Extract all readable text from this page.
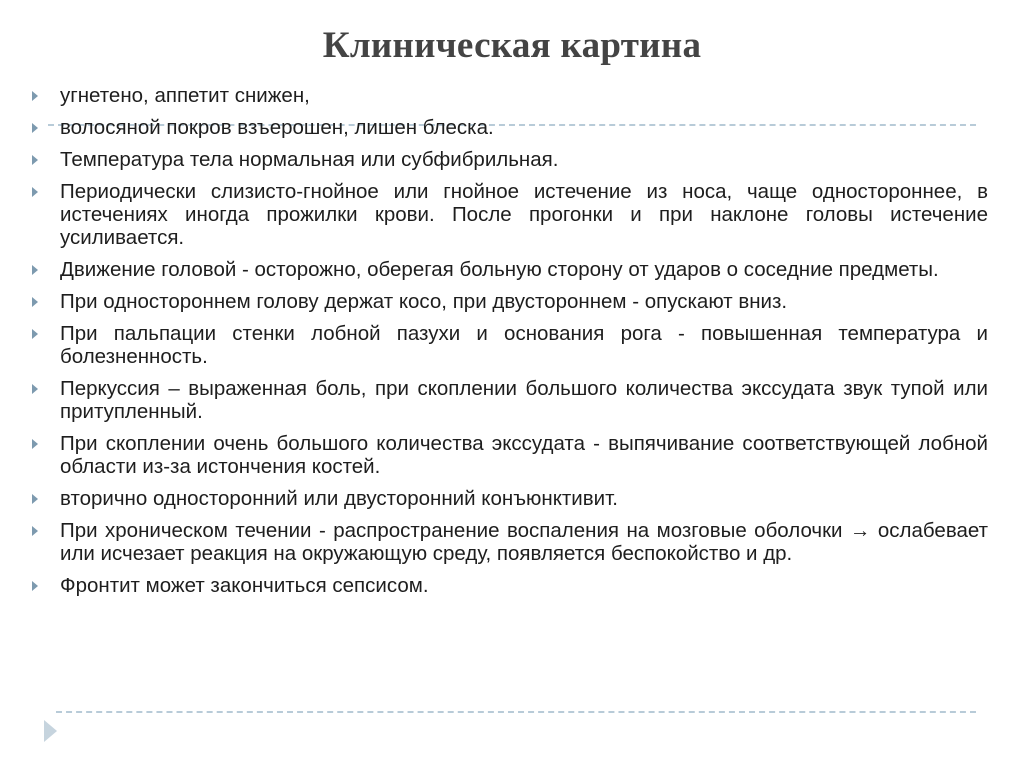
Клиническая картина
угнетено, аппетит снижен,
волосяной покров взъерошен, лишен блеска.
Температура тела нормальная или субфибрильная.
Периодически слизисто-гнойное или гнойное истечение из носа, чаще одностороннее, в истечениях иногда прожилки крови. После прогонки и при наклоне головы истечение усиливается.
Движение головой - осторожно, оберегая больную сторону от ударов о соседние предметы.
При одностороннем голову держат косо, при двустороннем - опускают вниз.
При пальпации стенки лобной пазухи и основания рога - повышенная температура и болезненность.
Перкуссия – выраженная боль, при скоплении большого количества экссудата звук тупой или притупленный.
При скоплении очень большого количества экссудата - выпячивание соответствующей лобной области из-за истончения костей.
вторично односторонний или двусторонний конъюнктивит.
При хроническом течении - распространение воспаления на мозговые оболочки → ослабевает или исчезает реакция на окружающую среду, появляется беспокойство и др.
Фронтит может закончиться сепсисом.
